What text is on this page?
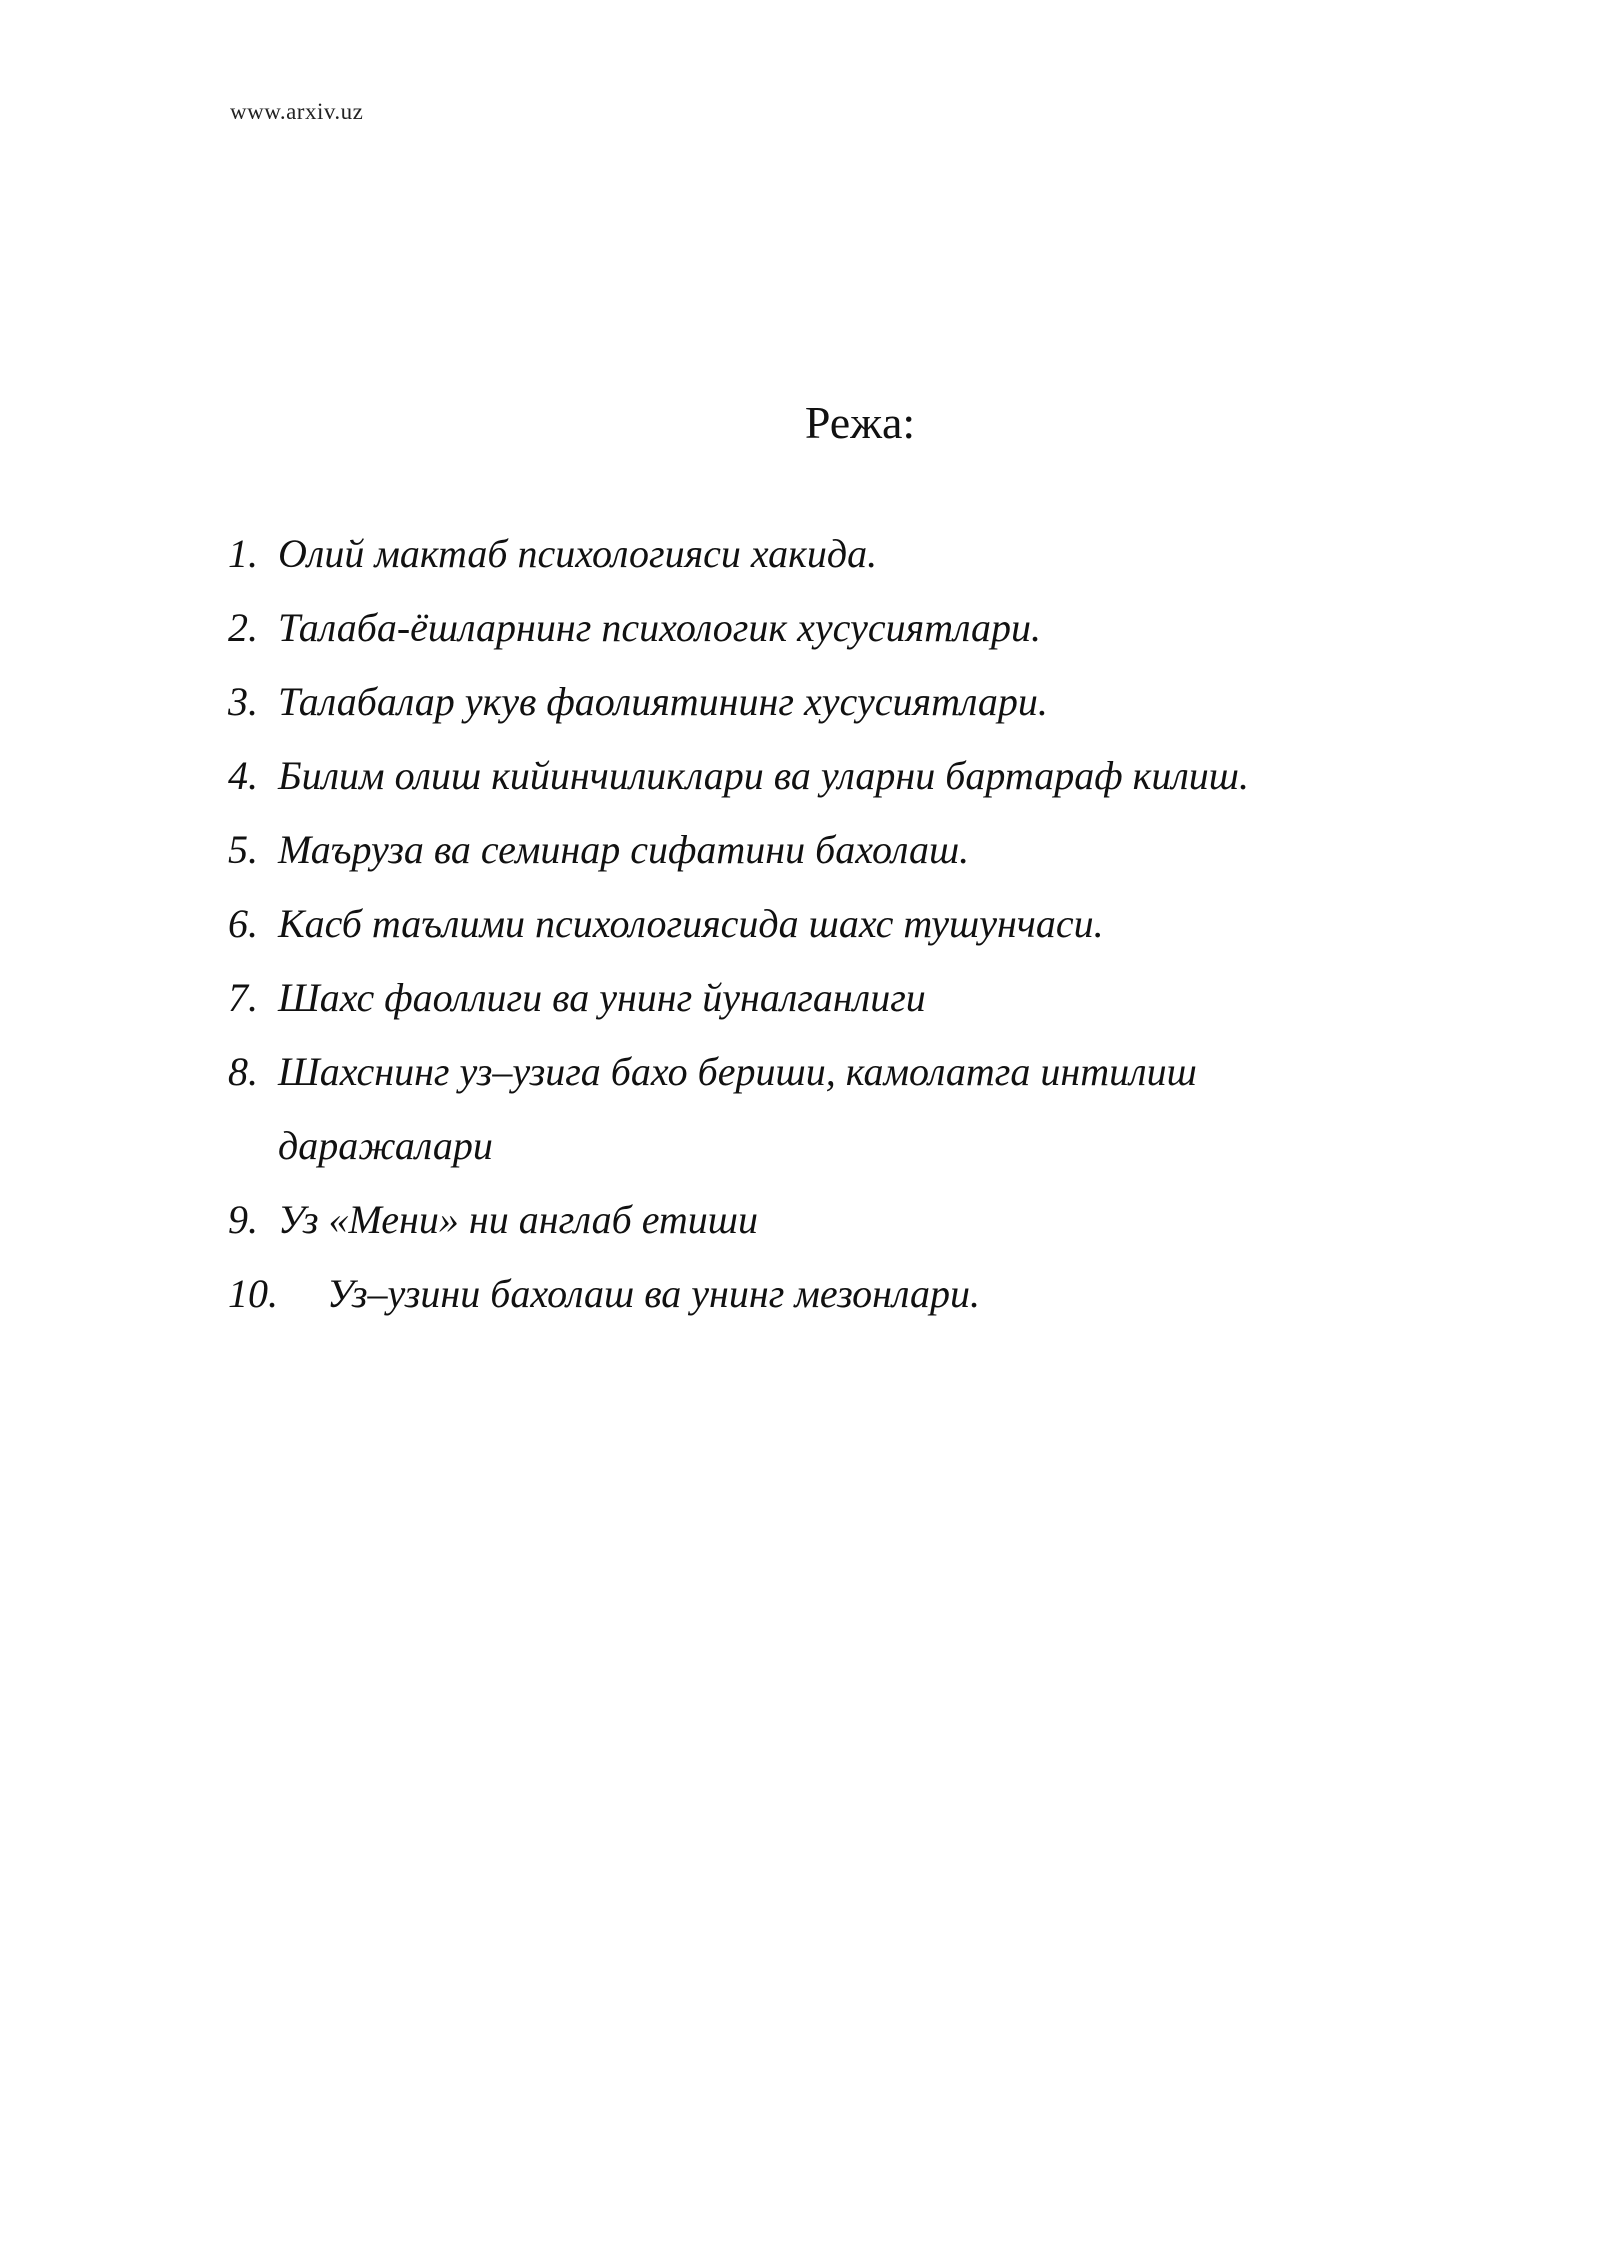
www.arxiv.uz
Режа:
1. Олий мактаб психологияси хакида.
2. Талаба-ёшларнинг психологик хусусиятлари.
3. Талабалар укув фаолиятининг хусусиятлари.
4. Билим олиш кийинчиликлари ва уларни бартараф килиш.
5. Маъруза ва семинар сифатини бахолаш.
6. Касб таълими психологиясида шахс тушунчаси.
7. Шахс фаоллиги ва унинг йуналганлиги
8. Шахснинг уз–узига бахо бериши, камолатга интилиш даражалари
9. Уз «Мени» ни англаб етиши
10.	Уз–узини бахолаш ва унинг мезонлари.
